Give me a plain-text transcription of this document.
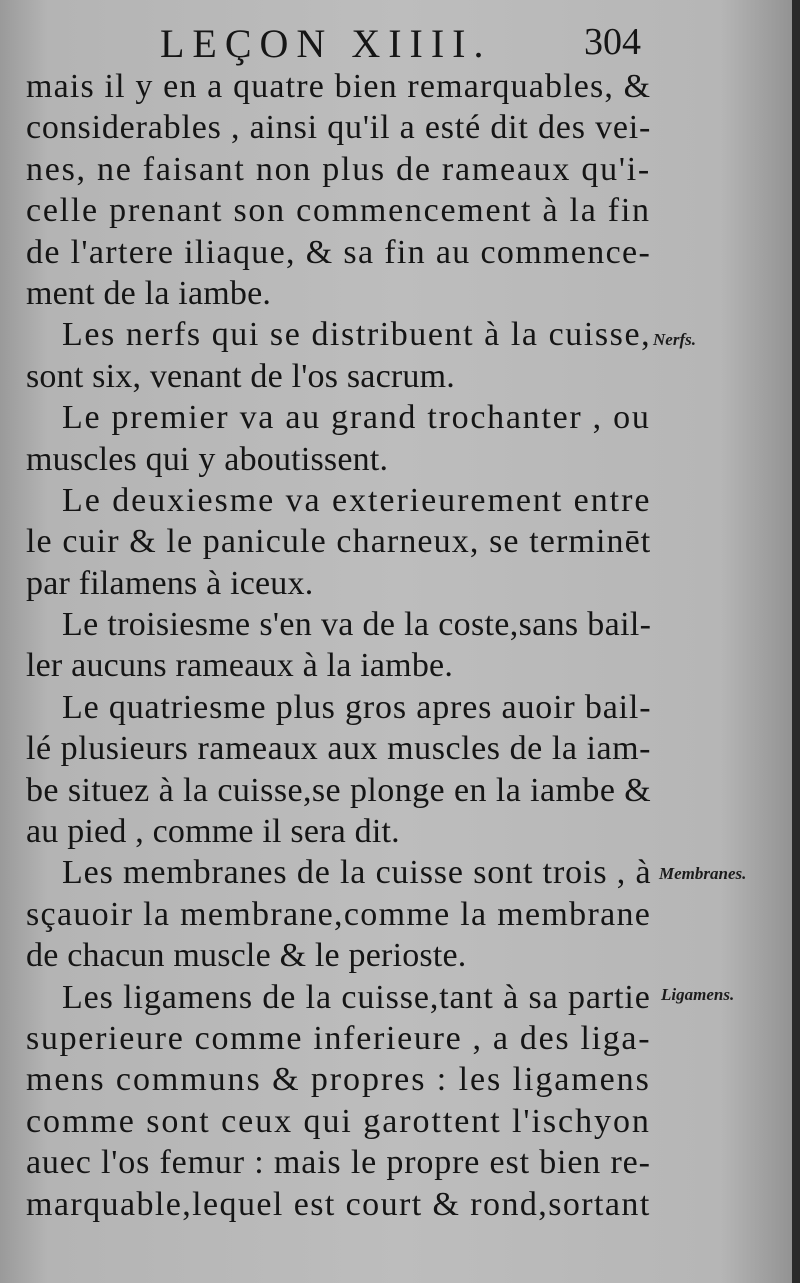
LEÇON XIIII. 304
mais il y en a quatre bien remarquables, &
considerables , ainsi qu'il a esté dit des vei-
nes, ne faisant non plus de rameaux qu'i-
celle prenant son commencement à la fin
de l'artere iliaque, & sa fin au commence-
ment de la iambe.
Les nerfs qui se distribuent à la cuisse,
sont six, venant de l'os sacrum.
Le premier va au grand trochanter , ou
muscles qui y aboutissent.
Le deuxiesme va exterieurement entre
le cuir & le panicule charneux, se terminēt
par filamens à iceux.
Le troisiesme s'en va de la coste,sans bail-
ler aucuns rameaux à la iambe.
Le quatriesme plus gros apres auoir bail-
lé plusieurs rameaux aux muscles de la iam-
be situez à la cuisse,se plonge en la iambe &
au pied , comme il sera dit.
Les membranes de la cuisse sont trois , à
sçauoir la membrane,comme la membrane
de chacun muscle & le perioste.
Les ligamens de la cuisse,tant à sa partie
superieure comme inferieure , a des liga-
mens communs & propres : les ligamens
comme sont ceux qui garottent l'ischyon
auec l'os femur : mais le propre est bien re-
marquable,lequel est court & rond,sortant
Nerfs.
Membranes.
Ligamens.
